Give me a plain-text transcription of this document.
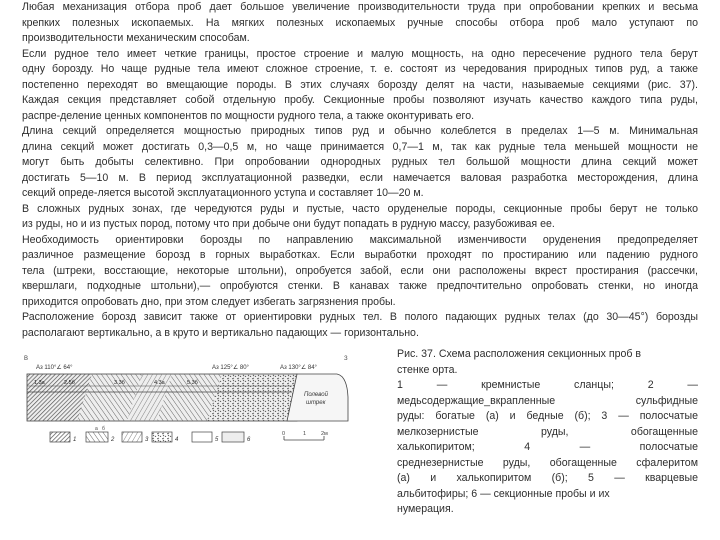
Любая механизация отбора проб дает большое увеличение производительности труда при опробовании крепких и весьма
крепких полезных ископаемых. На мягких полезных ископаемых ручные способы отбора проб мало уступают по
производительности механическим способам.
Если рудное тело имеет четкие границы, простое строение и малую мощность, на одно пересечение рудного тела берут
одну борозду. Но чаще рудные тела имеют сложное строение, т. е. состоят из чередования природных типов руд, а также
постепенно переходят во вмещающие породы. В этих случаях борозду делят на части, называемые секциями (рис. 37).
Каждая секция представляет собой отдельную пробу. Секционные пробы позволяют изучать качество каждого типа руды,
распре-деление ценных компонентов по мощности рудного тела, а также оконтуривать его.
Длина секций определяется мощностью природных типов руд и обычно колеблется в пределах 1—5 м. Минимальная
длина секций может достигать 0,3—0,5 м, но чаще принимается 0,7—1 м, так как рудные тела меньшей мощности не
могут быть добыты селективно. При опробовании однородных рудных тел большой мощности длина секций может
достигать 5—10 м. В период эксплуатационной разведки, если намечается валовая разработка месторождения, длина
секций опреде-ляется высотой эксплуатационного уступа и составляет 10—20 м.
В сложных рудных зонах, где чередуются руды и пустые, часто оруденелые породы, секционные пробы берут не только
из руды, но и из пустых пород, потому что при добыче они будут попадать в рудную массу, разубоживая ее.
Необходимость ориентировки борозды по направлению максимальной изменчивости оруденения предопределяет
различное размещение борозд в горных выработках. Если выработки проходят по простиранию или падению рудного
тела (штреки, восстающие, некоторые штольни), опробуется забой, если они расположены вкрест простирания (рассечки,
квершлаги, подходные штольни),— опробуются стенки. В канавах также предпочтительно опробовать стенки, но иногда
приходится опробовать дно, при этом следует избегать загрязнения пробы.
Расположение борозд зависит также от ориентировки рудных тел. В полого падающих рудных телах (до 30—45°) борозды
располагают вертикально, а в круто и вертикально падающих — горизонтально.
В	З
Аз 110°∠ 64°	Аз 125°∠ 80°	Аз 130°∠ 84°
Полевой
штрек
1.3а	2.5б	3.3б	4.3а	5.3б
1	2	3	4	5	6
а б
0	1	2м
Рис. 37. Схема расположения секционных проб в
стенке орта.
1 — кремнистые сланцы; 2 —
медьсодержащие_вкрапленные сульфидные
руды: богатые (а) и бедные (б); 3 — полосчатые
мелкозернистые руды, обогащенные
халькопиритом; 4 — полосчатые
среднезернистые руды, обогащенные сфалеритом
(а) и халькопиритом (б); 5 — кварцевые
альбитофиры; 6 — секционные пробы и их
нумерация.
